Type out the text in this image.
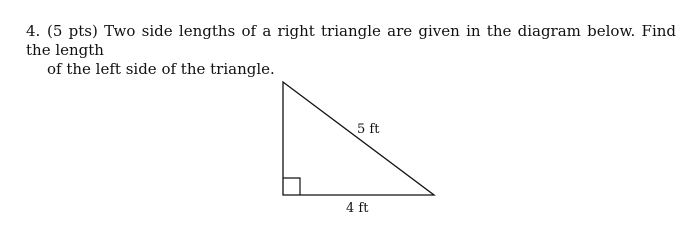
4. (5 pts) Two side lengths of a right triangle are given in the diagram below. Find the length
of the left side of the triangle.
5 ft
4 ft
